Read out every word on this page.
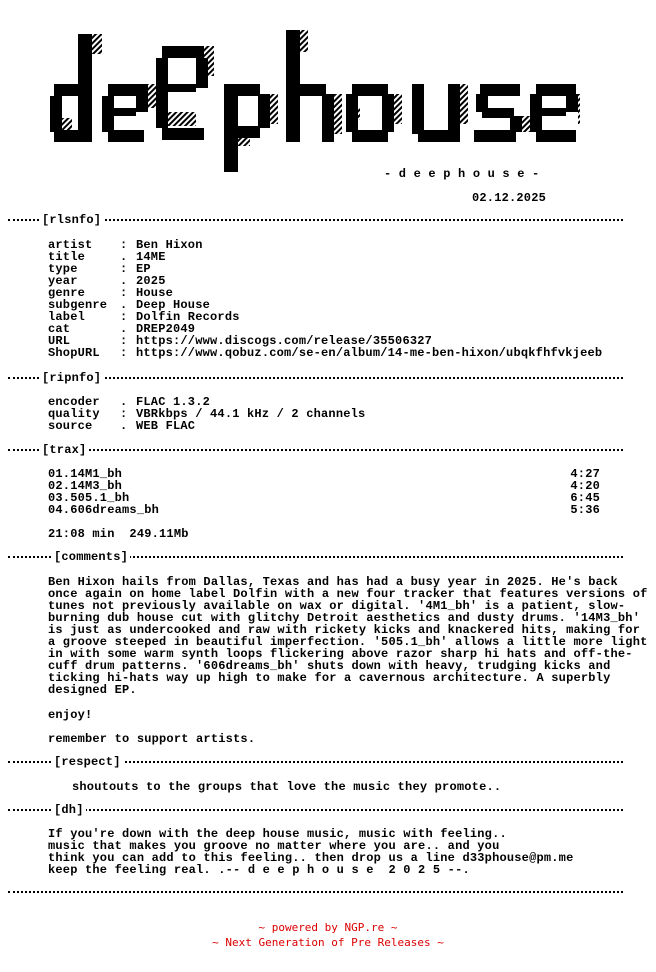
- d e e p h o u s e -
02.12.2025
[rlsnfo]
artist : Ben Hixon
title	. 14ME
type	: EP
year	. 2025
genre	: House
subgenre . Deep House
label	: Dolfin Records
cat	. DREP2049
URL	: https://www.discogs.com/release/35506327
ShopURL : https://www.qobuz.com/se-en/album/14-me-ben-hixon/ubqkfhfvkjeeb
[ripnfo]
encoder . FLAC 1.3.2
quality : VBRkbps / 44.1 kHz / 2 channels
source . WEB FLAC
[trax]
01.14M1_bh	4:27
02.14M3_bh	4:20
03.505.1_bh	6:45
04.606dreams_bh	5:36
21:08 min  249.11Mb
[comments]
Ben Hixon hails from Dallas, Texas and has had a busy year in 2025. He's back once again on home label Dolfin with a new four tracker that features versions of tunes not previously available on wax or digital. '4M1_bh' is a patient, slow-burning dub house cut with glitchy Detroit aesthetics and dusty drums. '14M3_bh' is just as undercooked and raw with rickety kicks and knackered hits, making for a groove steeped in beautiful imperfection. '505.1_bh' allows a little more light in with some warm synth loops flickering above razor sharp hi hats and off-the-cuff drum patterns. '606dreams_bh' shuts down with heavy, trudging kicks and ticking hi-hats way up high to make for a cavernous architecture. A superbly designed EP.
enjoy!
remember to support artists.
[respect]
shoutouts to the groups that love the music they promote..
[dh]
If you're down with the deep house music, music with feeling..
music that makes you groove no matter where you are.. and you
think you can add to this feeling.. then drop us a line d33phouse@pm.me
keep the feeling real. .-- d e e p h o u s e  2 0 2 5 --.
~ powered by NGP.re ~
~ Next Generation of Pre Releases ~
